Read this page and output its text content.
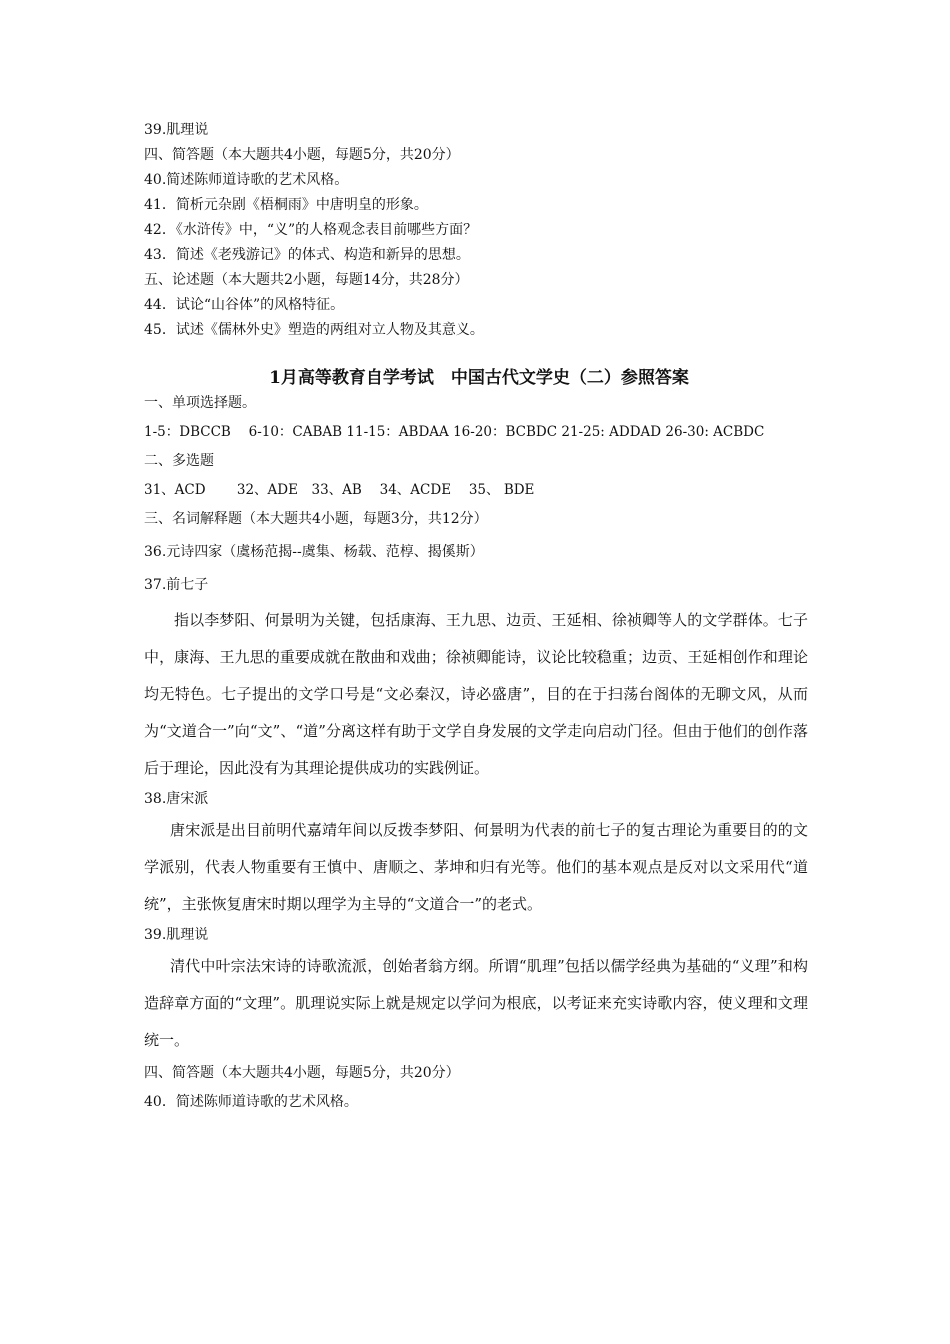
39.肌理说
四、简答题（本大题共4小题，每题5分，共20分）
40.简述陈师道诗歌的艺术风格。
41．简析元杂剧《梧桐雨》中唐明皇的形象。
42．《水浒传》中，“义”的人格观念表目前哪些方面？
43．简述《老残游记》的体式、构造和新异的思想。
五、论述题（本大题共2小题，每题14分，共28分）
44．试论“山谷体”的风格特征。
45．试述《儒林外史》塑造的两组对立人物及其意义。
1月高等教育自学考试　中国古代文学史（二）参照答案
一、单项选择题。
1-5：DBCCB　 6-10：CABAB 11-15：ABDAA 16-20：BCBDC 21-25: ADDAD 26-30: ACBDC
二、多选题
31、ACD　　 32、ADE　33、AB　 34、ACDE　 35、 BDE
三、名词解释题（本大题共4小题，每题3分，共12分）
36.元诗四家（虞杨范揭--虞集、杨载、范椁、揭傒斯）
37.前七子
指以李梦阳、何景明为关键，包括康海、王九思、边贡、王延相、徐祯卿等人的文学群体。七子中，康海、王九思的重要成就在散曲和戏曲；徐祯卿能诗，议论比较稳重；边贡、王延相创作和理论均无特色。七子提出的文学口号是“文必秦汉，诗必盛唐”，目的在于扫荡台阁体的无聊文风，从而为“文道合一”向“文”、“道”分离这样有助于文学自身发展的文学走向启动门径。但由于他们的创作落后于理论，因此没有为其理论提供成功的实践例证。
38.唐宋派
唐宋派是出目前明代嘉靖年间以反拨李梦阳、何景明为代表的前七子的复古理论为重要目的的文学派别，代表人物重要有王慎中、唐顺之、茅坤和归有光等。他们的基本观点是反对以文采用代“道统”，主张恢复唐宋时期以理学为主导的“文道合一”的老式。
39.肌理说
清代中叶宗法宋诗的诗歌流派，创始者翁方纲。所谓“肌理”包括以儒学经典为基础的“义理”和构造辞章方面的“文理”。肌理说实际上就是规定以学问为根底，以考证来充实诗歌内容，使义理和文理统一。
四、简答题（本大题共4小题，每题5分，共20分）
40．简述陈师道诗歌的艺术风格。
